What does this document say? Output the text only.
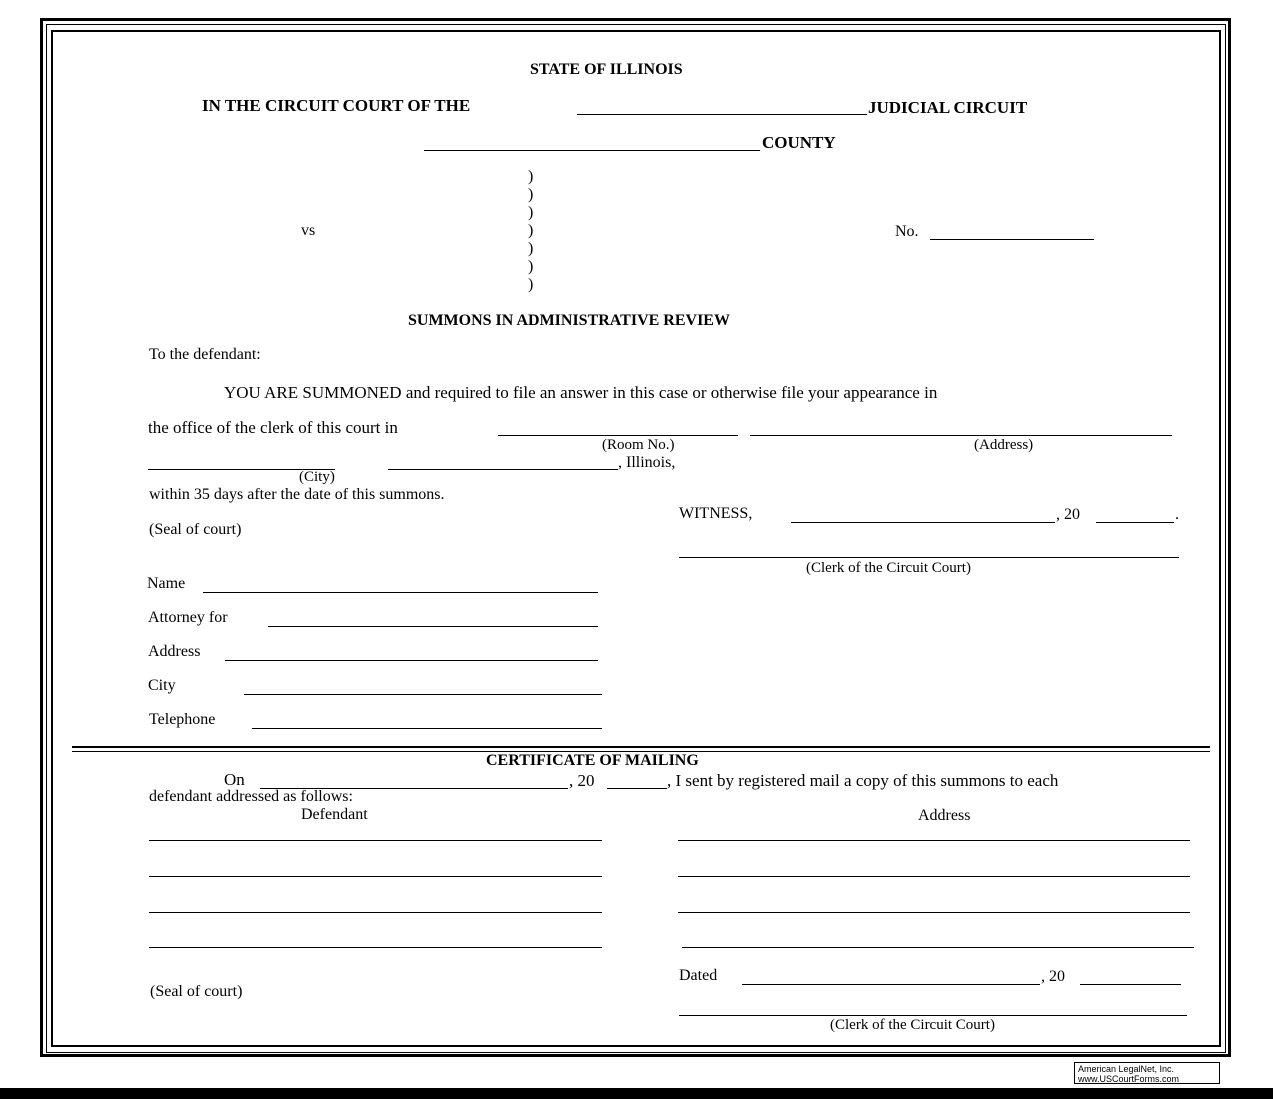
STATE OF ILLINOIS
IN THE CIRCUIT COURT OF THE	JUDICIAL CIRCUIT
COUNTY
)
)
)
)
)
)
)
vs	No.
SUMMONS IN ADMINISTRATIVE REVIEW
To the defendant:
YOU ARE SUMMONED and required to file an answer in this case or otherwise file your appearance in
the office of the clerk of this court in
(Room No.)	(Address)
, Illinois,
(City)
within 35 days after the date of this summons.
WITNESS,	, 20	.
(Seal of court)
(Clerk of the Circuit Court)
Name
Attorney for
Address
City
Telephone
CERTIFICATE OF MAILING
On	, 20	, I sent by registered mail a copy of this summons to each
defendant addressed as follows:
Defendant	Address
Dated	, 20
(Seal of court)
(Clerk of the Circuit Court)
American LegalNet, Inc.
www.USCourtForms.com
